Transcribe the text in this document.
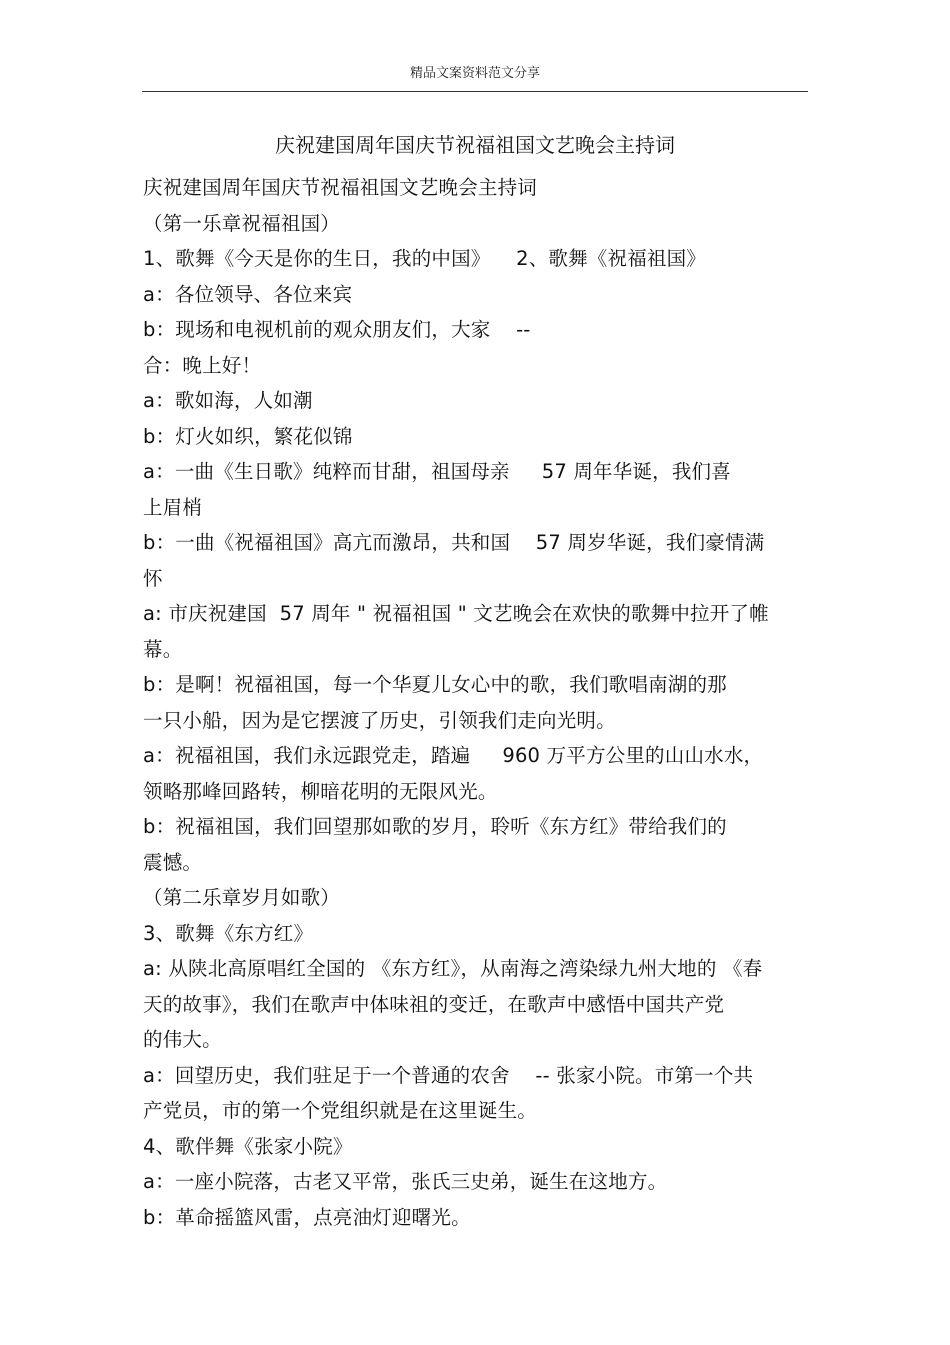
精品文案资料范文分享
庆祝建国周年国庆节祝福祖国文艺晚会主持词
庆祝建国周年国庆节祝福祖国文艺晚会主持词
（第一乐章祝福祖国）
1、歌舞《今天是你的生日，我的中国》    2、歌舞《祝福祖国》
a：各位领导、各位来宾
b：现场和电视机前的观众朋友们，大家    --
合：晚上好！
a：歌如海，人如潮
b：灯火如织，繁花似锦
a：一曲《生日歌》纯粹而甘甜，祖国母亲     57 周年华诞，我们喜
上眉梢
b：一曲《祝福祖国》高亢而激昂，共和国    57 周岁华诞，我们豪情满
怀
a: 市庆祝建国  57 周年 " 祝福祖国 " 文艺晚会在欢快的歌舞中拉开了帷
幕。
b：是啊！祝福祖国，每一个华夏儿女心中的歌，我们歌唱南湖的那
一只小船，因为是它摆渡了历史，引领我们走向光明。
a：祝福祖国，我们永远跟党走，踏遍     960 万平方公里的山山水水，
领略那峰回路转，柳暗花明的无限风光。
b：祝福祖国，我们回望那如歌的岁月，聆听《东方红》带给我们的
震憾。
（第二乐章岁月如歌）
3、歌舞《东方红》
a: 从陕北高原唱红全国的 《东方红》，从南海之湾染绿九州大地的 《春
天的故事》，我们在歌声中体味祖的变迁，在歌声中感悟中国共产党
的伟大。
a：回望历史，我们驻足于一个普通的农舍    -- 张家小院。市第一个共
产党员，市的第一个党组织就是在这里诞生。
4、歌伴舞《张家小院》
a：一座小院落，古老又平常，张氏三史弟，诞生在这地方。
b：革命摇篮风雷，点亮油灯迎曙光。
